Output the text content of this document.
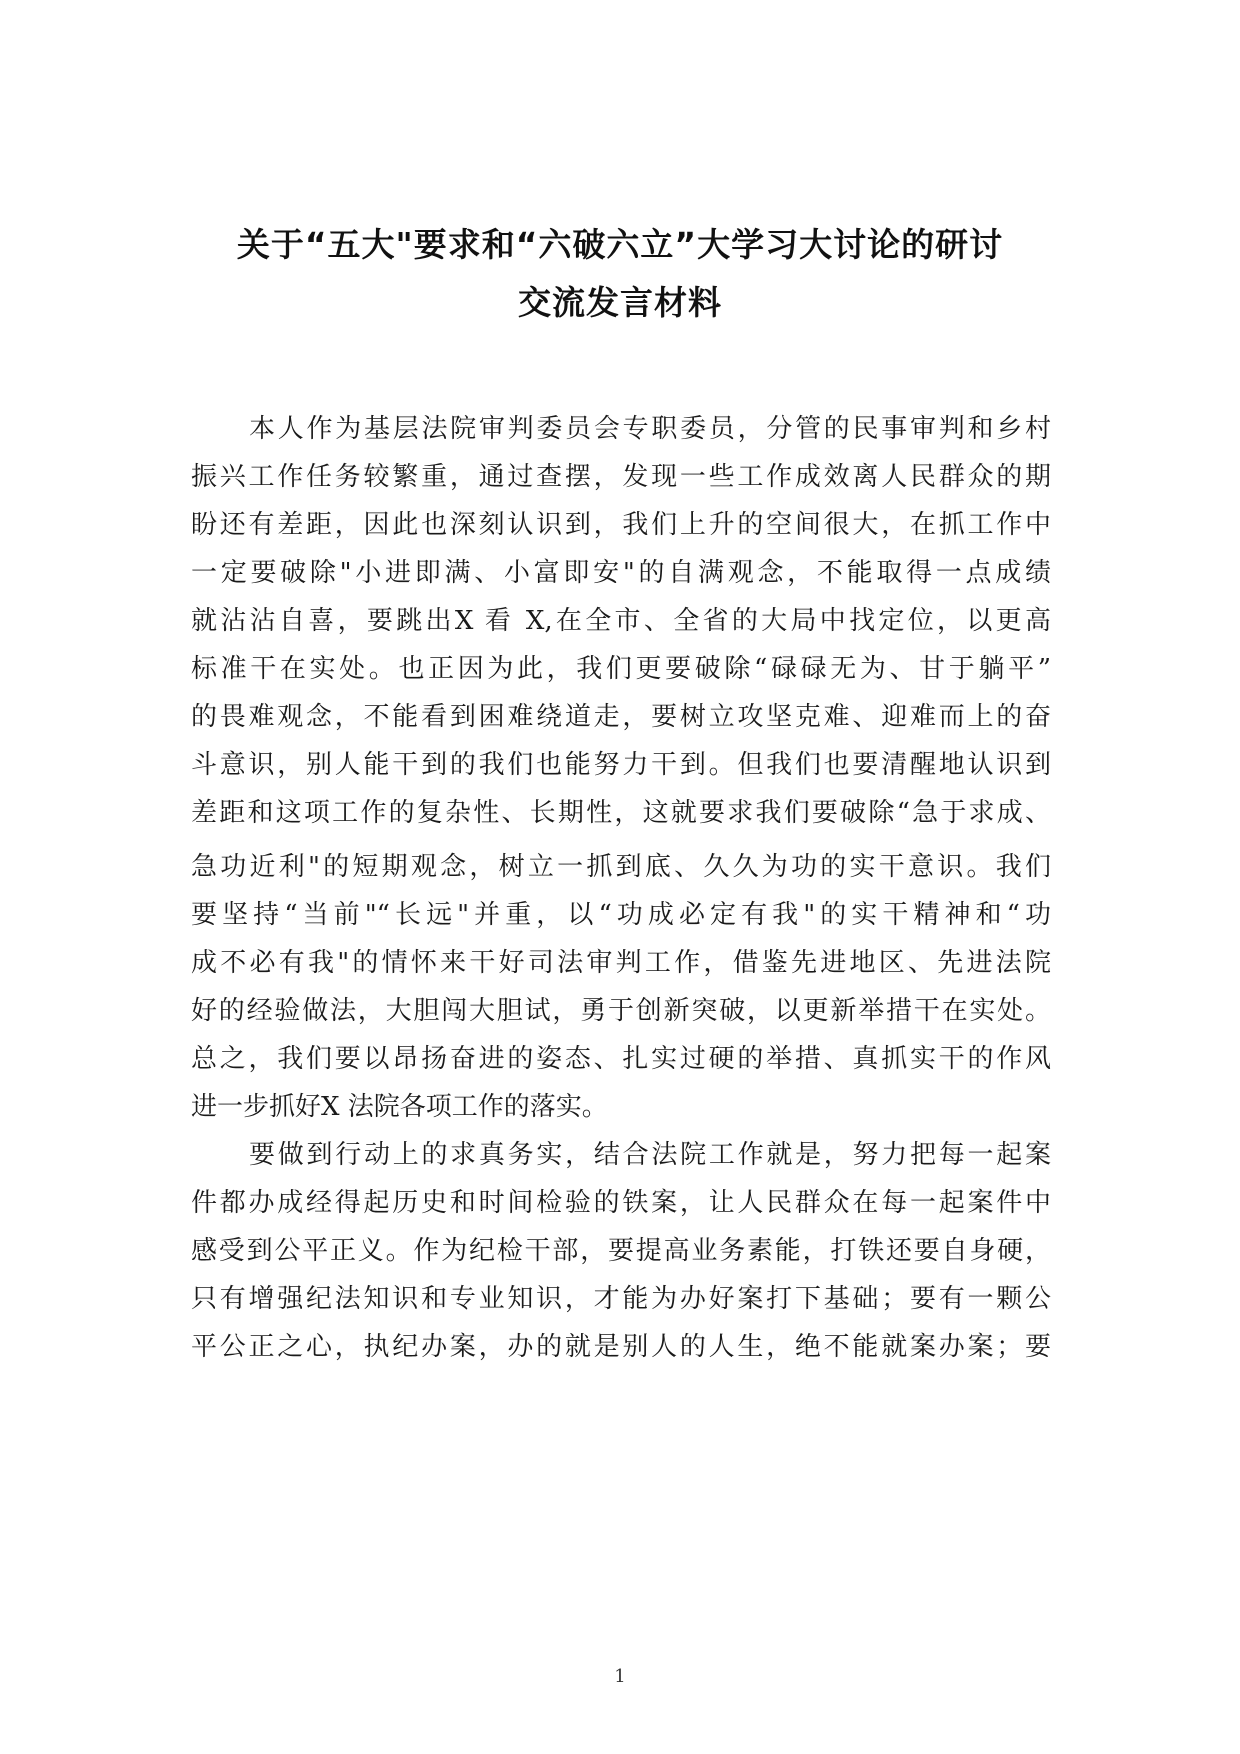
关于“五大"要求和“六破六立”大学习大讨论的研讨
交流发言材料
本人作为基层法院审判委员会专职委员，分管的民事审判和乡村
振兴工作任务较繁重，通过查摆，发现一些工作成效离人民群众的期
盼还有差距，因此也深刻认识到，我们上升的空间很大，在抓工作中
一定要破除"小进即满、小富即安"的自满观念，不能取得一点成绩
就沾沾自喜，要跳出X 看 X,在全市、全省的大局中找定位，以更高
标准干在实处。也正因为此，我们更要破除“碌碌无为、甘于躺平”
的畏难观念，不能看到困难绕道走，要树立攻坚克难、迎难而上的奋
斗意识，别人能干到的我们也能努力干到。但我们也要清醒地认识到
差距和这项工作的复杂性、长期性，这就要求我们要破除“急于求成、
急功近利"的短期观念，树立一抓到底、久久为功的实干意识。我们
要坚持“当前"“长远"并重，以“功成必定有我"的实干精神和“功
成不必有我"的情怀来干好司法审判工作，借鉴先进地区、先进法院
好的经验做法，大胆闯大胆试，勇于创新突破，以更新举措干在实处。
总之，我们要以昂扬奋进的姿态、扎实过硬的举措、真抓实干的作风
进一步抓好X 法院各项工作的落实。
要做到行动上的求真务实，结合法院工作就是，努力把每一起案
件都办成经得起历史和时间检验的铁案，让人民群众在每一起案件中
感受到公平正义。作为纪检干部，要提高业务素能，打铁还要自身硬，
只有增强纪法知识和专业知识，才能为办好案打下基础；要有一颗公
平公正之心，执纪办案，办的就是别人的人生，绝不能就案办案；要
1
